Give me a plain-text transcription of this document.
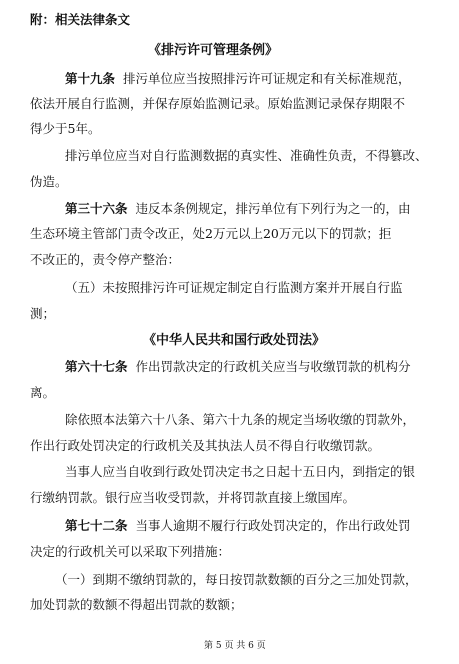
附：相关法律条文

《排污许可管理条例》

第十九条 排污单位应当按照排污许可证规定和有关标准规范，

依法开展自行监测，并保存原始监测记录。原始监测记录保存期限不

得少于5年。

排污单位应当对自行监测数据的真实性、准确性负责，不得篡改、

伪造。

第三十六条 违反本条例规定，排污单位有下列行为之一的，由

生态环境主管部门责令改正，处2万元以上20万元以下的罚款；拒

不改正的，责令停产整治：

（五）未按照排污许可证规定制定自行监测方案并开展自行监

测；

《中华人民共和国行政处罚法》

第六十七条 作出罚款决定的行政机关应当与收缴罚款的机构分

离。

除依照本法第六十八条、第六十九条的规定当场收缴的罚款外，

作出行政处罚决定的行政机关及其执法人员不得自行收缴罚款。

当事人应当自收到行政处罚决定书之日起十五日内，到指定的银

行缴纳罚款。银行应当收受罚款，并将罚款直接上缴国库。

第七十二条 当事人逾期不履行行政处罚决定的，作出行政处罚

决定的行政机关可以采取下列措施：

（一）到期不缴纳罚款的，每日按罚款数额的百分之三加处罚款，

加处罚款的数额不得超出罚款的数额；

第 5 页 共 6 页
